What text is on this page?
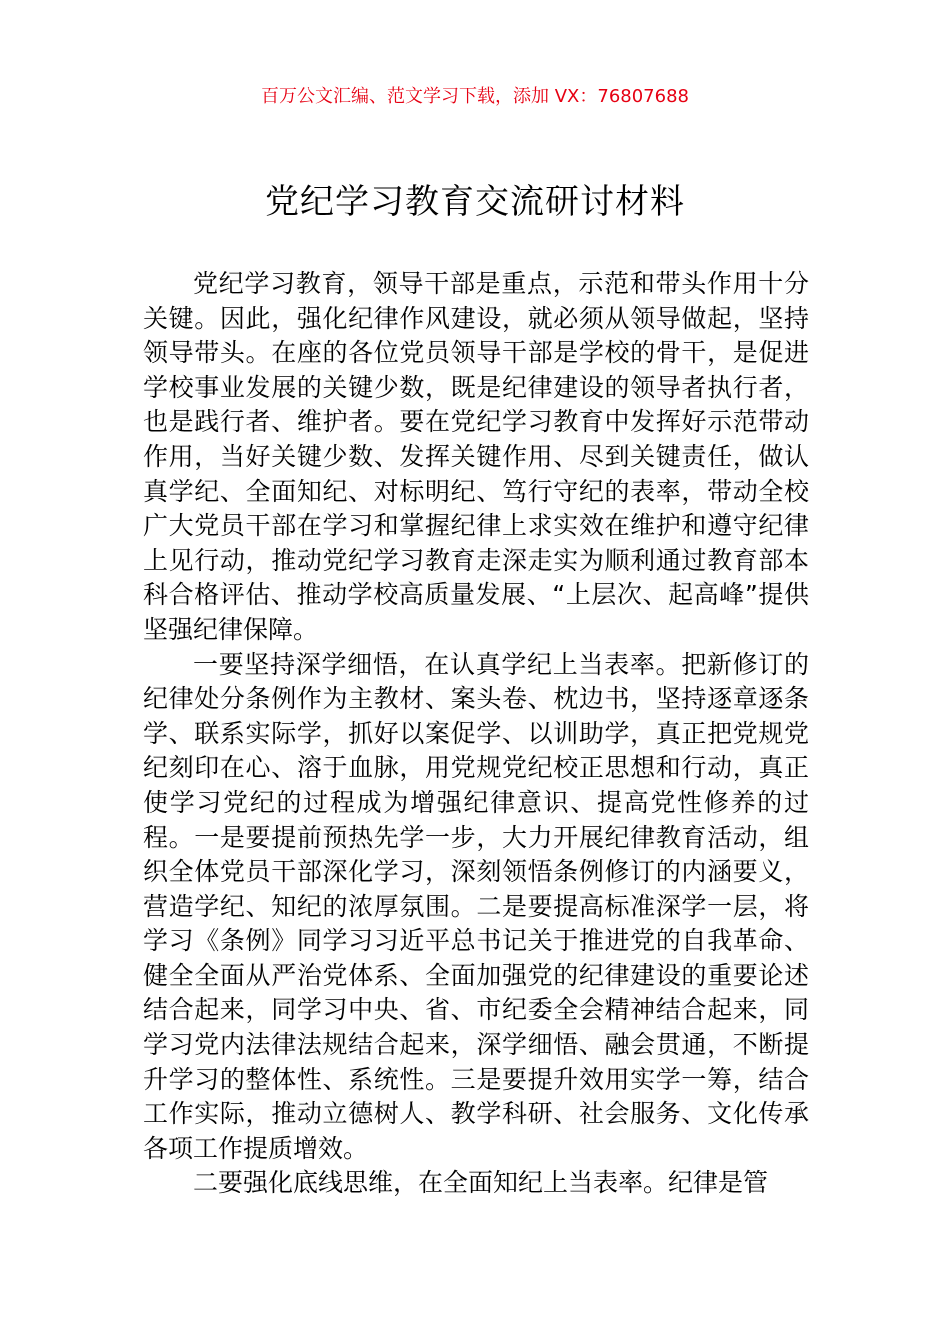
百万公文汇编、范文学习下载，添加 VX：76807688
党纪学习教育交流研讨材料

党纪学习教育，领导干部是重点，示范和带头作用十分关键。因此，强化纪律作风建设，就必须从领导做起，坚持领导带头。在座的各位党员领导干部是学校的骨干，是促进学校事业发展的关键少数，既是纪律建设的领导者执行者，也是践行者、维护者。要在党纪学习教育中发挥好示范带动作用，当好关键少数、发挥关键作用、尽到关键责任，做认真学纪、全面知纪、对标明纪、笃行守纪的表率，带动全校广大党员干部在学习和掌握纪律上求实效在维护和遵守纪律上见行动，推动党纪学习教育走深走实为顺利通过教育部本科合格评估、推动学校高质量发展、“上层次、起高峰”提供坚强纪律保障。

一要坚持深学细悟，在认真学纪上当表率。把新修订的纪律处分条例作为主教材、案头卷、枕边书，坚持逐章逐条学、联系实际学，抓好以案促学、以训助学，真正把党规党纪刻印在心、溶于血脉，用党规党纪校正思想和行动，真正使学习党纪的过程成为增强纪律意识、提高党性修养的过程。一是要提前预热先学一步，大力开展纪律教育活动，组织全体党员干部深化学习，深刻领悟条例修订的内涵要义，营造学纪、知纪的浓厚氛围。二是要提高标准深学一层，将学习《条例》同学习习近平总书记关于推进党的自我革命、健全全面从严治党体系、全面加强党的纪律建设的重要论述结合起来，同学习中央、省、市纪委全会精神结合起来，同学习党内法律法规结合起来，深学细悟、融会贯通，不断提升学习的整体性、系统性。三是要提升效用实学一筹，结合工作实际，推动立德树人、教学科研、社会服务、文化传承各项工作提质增效。

二要强化底线思维，在全面知纪上当表率。纪律是管
